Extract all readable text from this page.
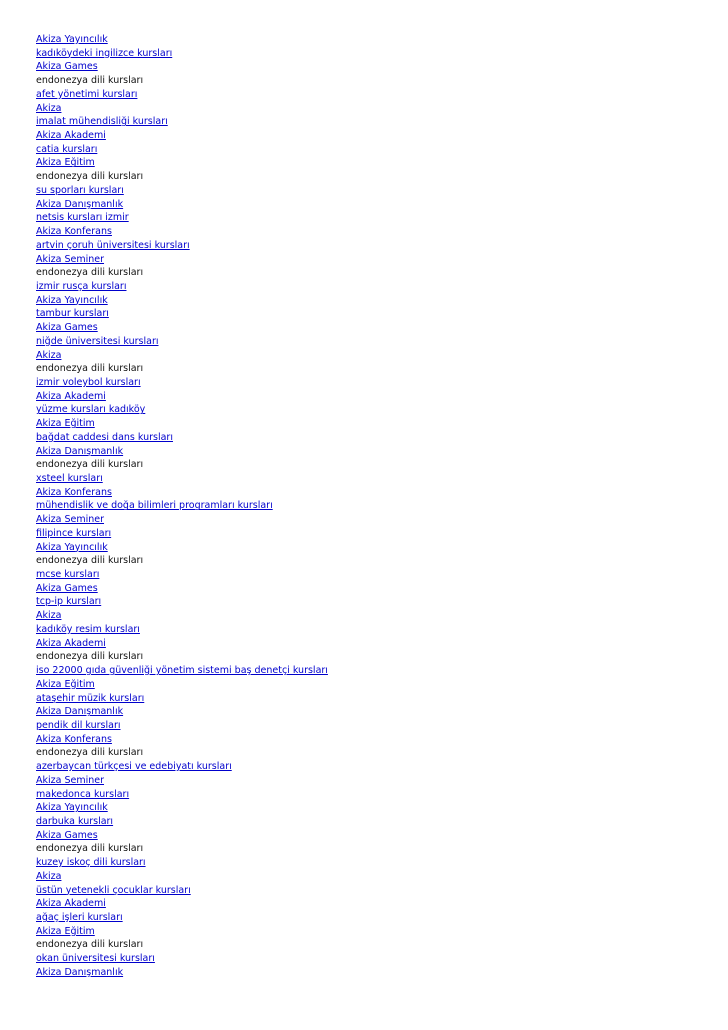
Akiza Yayıncılık
kadıköydeki ingilizce kursları
Akiza Games
endonezya dili kursları
afet yönetimi kursları
Akiza
imalat mühendisliği kursları
Akiza Akademi
catia kursları
Akiza Eğitim
endonezya dili kursları
su sporları kursları
Akiza Danışmanlık
netsis kursları izmir
Akiza Konferans
artvin çoruh üniversitesi kursları
Akiza Seminer
endonezya dili kursları
izmir rusça kursları
Akiza Yayıncılık
tambur kursları
Akiza Games
niğde üniversitesi kursları
Akiza
endonezya dili kursları
izmir voleybol kursları
Akiza Akademi
yüzme kursları kadıköy
Akiza Eğitim
bağdat caddesi dans kursları
Akiza Danışmanlık
endonezya dili kursları
xsteel kursları
Akiza Konferans
mühendislik ve doğa bilimleri programları kursları
Akiza Seminer
filipince kursları
Akiza Yayıncılık
endonezya dili kursları
mcse kursları
Akiza Games
tcp-ip kursları
Akiza
kadıköy resim kursları
Akiza Akademi
endonezya dili kursları
iso 22000 gıda güvenliği yönetim sistemi baş denetçi kursları
Akiza Eğitim
ataşehir müzik kursları
Akiza Danışmanlık
pendik dil kursları
Akiza Konferans
endonezya dili kursları
azerbaycan türkçesi ve edebiyatı kursları
Akiza Seminer
makedonca kursları
Akiza Yayıncılık
darbuka kursları
Akiza Games
endonezya dili kursları
kuzey iskoç dili kursları
Akiza
üstün yetenekli çocuklar kursları
Akiza Akademi
ağaç işleri kursları
Akiza Eğitim
endonezya dili kursları
okan üniversitesi kursları
Akiza Danışmanlık
